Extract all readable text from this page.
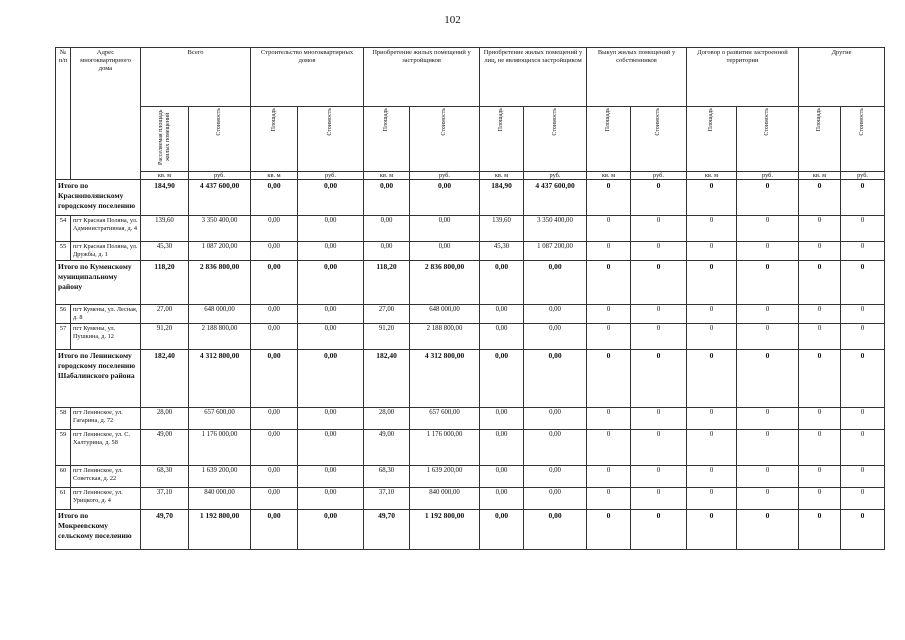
102
№ п/п	Адрес многоквартирного дома	Всего		Строительство многоквартирных домов		Приобретение жилых помещений у застройщиков		Приобретение жилых помещений у лиц, не являющихся застройщиком		Выкуп жилых помещений у собственников		Договор о развитии застроенной территории		Другие	

		Расселяемая площадь жилых помещений	Стоимость	Площадь	Стоимость	Площадь	Стоимость	Площадь	Стоимость	Площадь	Стоимость	Площадь	Стоимость	Площадь	Стоимость

		кв. м	руб.	кв. м	руб.	кв. м	руб.	кв. м	руб.	кв. м	руб.	кв. м	руб.	кв. м	руб.
Итого по Краснополянскому городскому поселению		184,90	4 437 600,00	0,00	0,00	0,00	0,00	184,90	4 437 600,00	0	0	0	0	0	0
54	пгт Красная Поляна, ул. Административная, д. 4	139,60	3 350 400,00	0,00	0,00	0,00	0,00	139,60	3 350 400,00	0	0	0	0	0	0
55	пгт Красная Поляна, ул. Дружбы, д. 1	45,30	1 087 200,00	0,00	0,00	0,00	0,00	45,30	1 087 200,00	0	0	0	0	0	0
Итого по Куменскому муниципальному району		118,20	2 836 800,00	0,00	0,00	118,20	2 836 800,00	0,00	0,00	0	0	0	0	0	0
56	пгт Кумены, ул. Лесная, д. 8	27,00	648 000,00	0,00	0,00	27,00	648 000,00	0,00	0,00	0	0	0	0	0	0
57	пгт Кумены, ул. Пушкина, д. 12	91,20	2 188 800,00	0,00	0,00	91,20	2 188 800,00	0,00	0,00	0	0	0	0	0	0
Итого по Ленинскому городскому поселению Шабалинского района		182,40	4 312 800,00	0,00	0,00	182,40	4 312 800,00	0,00	0,00	0	0	0	0	0	0
58	пгт Ленинское, ул. Гагарина, д. 72	28,00	657 600,00	0,00	0,00	28,00	657 600,00	0,00	0,00	0	0	0	0	0	0
59	пгт Ленинское, ул. С. Халтурина, д. 58	49,00	1 176 000,00	0,00	0,00	49,00	1 176 000,00	0,00	0,00	0	0	0	0	0	0
60	пгт Ленинское, ул. Советская, д. 22	68,30	1 639 200,00	0,00	0,00	68,30	1 639 200,00	0,00	0,00	0	0	0	0	0	0
61	пгт Ленинское, ул. Урицкого, д. 4	37,10	840 000,00	0,00	0,00	37,10	840 000,00	0,00	0,00	0	0	0	0	0	0
Итого по Мокреевскому сельскому поселению		49,70	1 192 800,00	0,00	0,00	49,70	1 192 800,00	0,00	0,00	0	0	0	0	0	0
